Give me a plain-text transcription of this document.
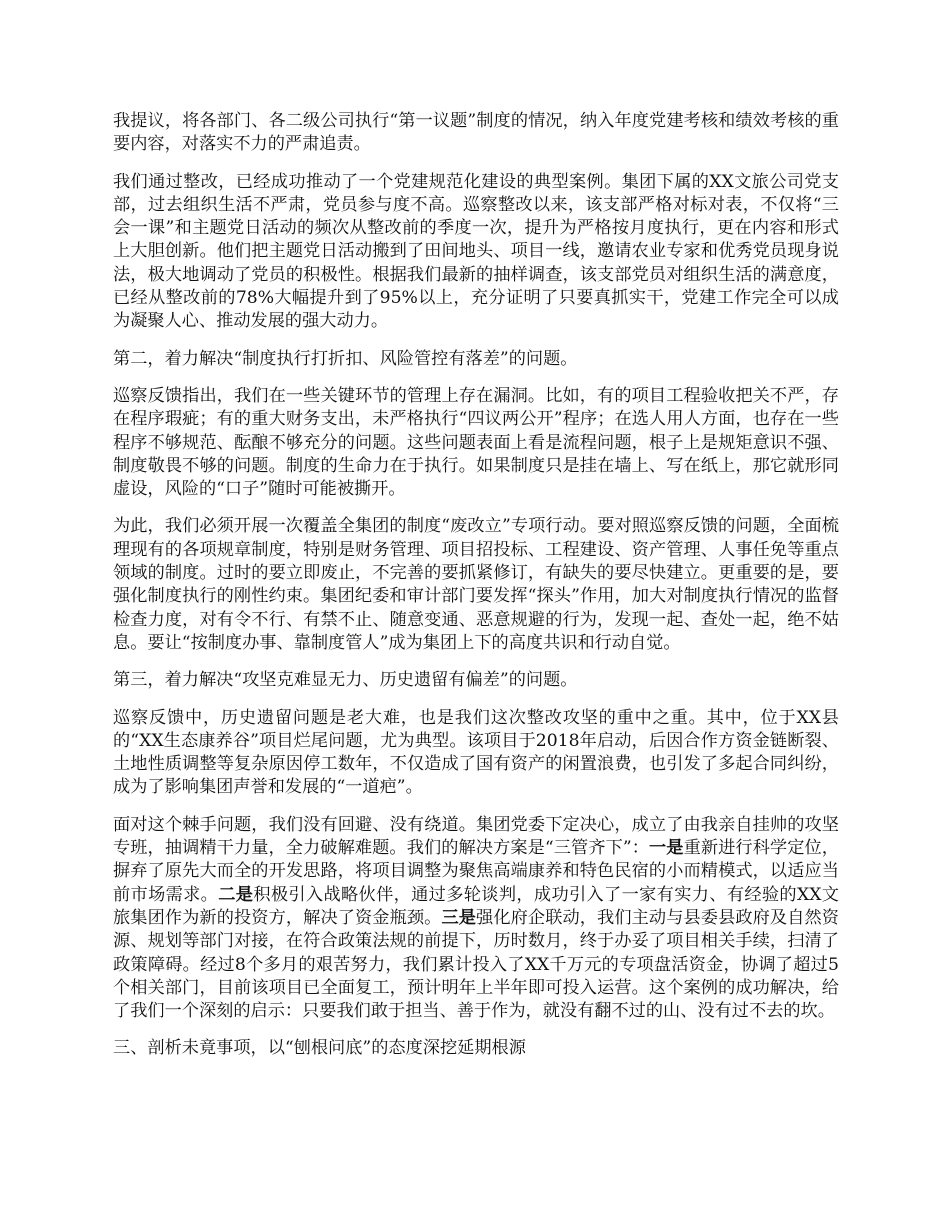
我提议，将各部门、各二级公司执行“第一议题”制度的情况，纳入年度党建考核和绩效考核的重要内容，对落实不力的严肃追责。

我们通过整改，已经成功推动了一个党建规范化建设的典型案例。集团下属的XX文旅公司党支部，过去组织生活不严肃，党员参与度不高。巡察整改以来，该支部严格对标对表，不仅将“三会一课”和主题党日活动的频次从整改前的季度一次，提升为严格按月度执行，更在内容和形式上大胆创新。他们把主题党日活动搬到了田间地头、项目一线，邀请农业专家和优秀党员现身说法，极大地调动了党员的积极性。根据我们最新的抽样调查，该支部党员对组织生活的满意度，已经从整改前的78%大幅提升到了95%以上，充分证明了只要真抓实干，党建工作完全可以成为凝聚人心、推动发展的强大动力。

第二，着力解决“制度执行打折扣、风险管控有落差”的问题。

巡察反馈指出，我们在一些关键环节的管理上存在漏洞。比如，有的项目工程验收把关不严，存在程序瑕疵；有的重大财务支出，未严格执行“四议两公开”程序；在选人用人方面，也存在一些程序不够规范、酝酿不够充分的问题。这些问题表面上看是流程问题，根子上是规矩意识不强、制度敬畏不够的问题。制度的生命力在于执行。如果制度只是挂在墙上、写在纸上，那它就形同虚设，风险的“口子”随时可能被撕开。

为此，我们必须开展一次覆盖全集团的制度“废改立”专项行动。要对照巡察反馈的问题，全面梳理现有的各项规章制度，特别是财务管理、项目招投标、工程建设、资产管理、人事任免等重点领域的制度。过时的要立即废止，不完善的要抓紧修订，有缺失的要尽快建立。更重要的是，要强化制度执行的刚性约束。集团纪委和审计部门要发挥“探头”作用，加大对制度执行情况的监督检查力度，对有令不行、有禁不止、随意变通、恶意规避的行为，发现一起、查处一起，绝不姑息。要让“按制度办事、靠制度管人”成为集团上下的高度共识和行动自觉。

第三，着力解决“攻坚克难显无力、历史遗留有偏差”的问题。

巡察反馈中，历史遗留问题是老大难，也是我们这次整改攻坚的重中之重。其中，位于XX县的“XX生态康养谷”项目烂尾问题，尤为典型。该项目于2018年启动，后因合作方资金链断裂、土地性质调整等复杂原因停工数年，不仅造成了国有资产的闲置浪费，也引发了多起合同纠纷，成为了影响集团声誉和发展的“一道疤”。

面对这个棘手问题，我们没有回避、没有绕道。集团党委下定决心，成立了由我亲自挂帅的攻坚专班，抽调精干力量，全力破解难题。我们的解决方案是“三管齐下”：一是重新进行科学定位，摒弃了原先大而全的开发思路，将项目调整为聚焦高端康养和特色民宿的小而精模式，以适应当前市场需求。二是积极引入战略伙伴，通过多轮谈判，成功引入了一家有实力、有经验的XX文旅集团作为新的投资方，解决了资金瓶颈。三是强化府企联动，我们主动与县委县政府及自然资源、规划等部门对接，在符合政策法规的前提下，历时数月，终于办妥了项目相关手续，扫清了政策障碍。经过8个多月的艰苦努力，我们累计投入了XX千万元的专项盘活资金，协调了超过5个相关部门，目前该项目已全面复工，预计明年上半年即可投入运营。这个案例的成功解决，给了我们一个深刻的启示：只要我们敢于担当、善于作为，就没有翻不过的山、没有过不去的坎。

三、剖析未竟事项，以“刨根问底”的态度深挖延期根源
